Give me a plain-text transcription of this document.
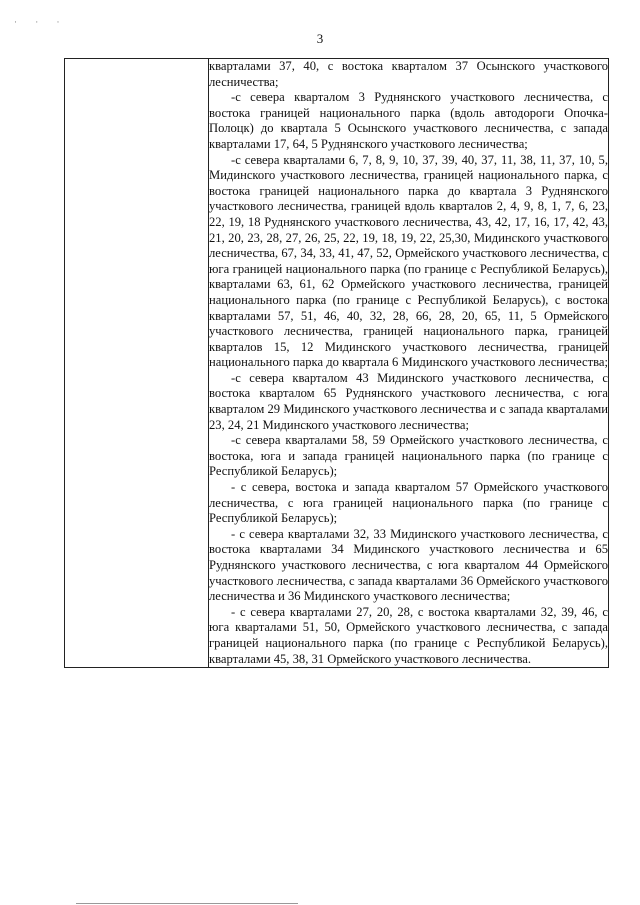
· · ·
3

кварталами 37, 40, с востока кварталом 37 Осынского участкового лесничества;

-с севера кварталом 3 Руднянского участкового лесничества, с востока границей национального парка (вдоль автодороги Опочка-Полоцк) до квартала 5 Осынского участкового лесничества, с запада кварталами 17, 64, 5 Руднянского участкового лесничества;

-с севера кварталами 6, 7, 8, 9, 10, 37, 39, 40, 37, 11, 38, 11, 37, 10, 5, Мидинского участкового лесничества, границей национального парка, с востока границей национального парка до квартала 3 Руднянского участкового лесничества, границей вдоль кварталов 2, 4, 9, 8, 1, 7, 6, 23, 22, 19, 18 Руднянского участкового лесничества, 43, 42, 17, 16, 17, 42, 43, 21, 20, 23, 28, 27, 26, 25, 22, 19, 18, 19, 22, 25,30, Мидинского участкового лесничества, 67, 34, 33, 41, 47, 52, Ормейского участкового лесничества, с юга границей национального парка (по границе с Республикой Беларусь), кварталами 63, 61, 62 Ормейского участкового лесничества, границей национального парка (по границе с Республикой Беларусь), с востока кварталами 57, 51, 46, 40, 32, 28, 66, 28, 20, 65, 11, 5 Ормейского участкового лесничества, границей национального парка, границей кварталов 15, 12 Мидинского участкового лесничества, границей национального парка до квартала 6 Мидинского участкового лесничества;

-с севера кварталом 43 Мидинского участкового лесничества, с востока кварталом 65 Руднянского участкового лесничества, с юга кварталом 29 Мидинского участкового лесничества и с запада кварталами 23, 24, 21 Мидинского участкового лесничества;

-с севера кварталами 58, 59 Ормейского участкового лесничества, с востока, юга и запада границей национального парка (по границе с Республикой Беларусь);

- с севера, востока и запада кварталом 57 Ормейского участкового лесничества, с юга границей национального парка (по границе с Республикой Беларусь);

- с севера кварталами 32, 33 Мидинского участкового лесничества, с востока кварталами 34 Мидинского участкового лесничества и 65 Руднянского участкового лесничества, с юга кварталом 44 Ормейского участкового лесничества, с запада кварталами 36 Ормейского участкового лесничества и 36 Мидинского участкового лесничества;

- с севера кварталами 27, 20, 28, с востока кварталами 32, 39, 46, с юга кварталами 51, 50, Ормейского участкового лесничества, с запада границей национального парка (по границе с Республикой Беларусь), кварталами 45, 38, 31 Ормейского участкового лесничества.
